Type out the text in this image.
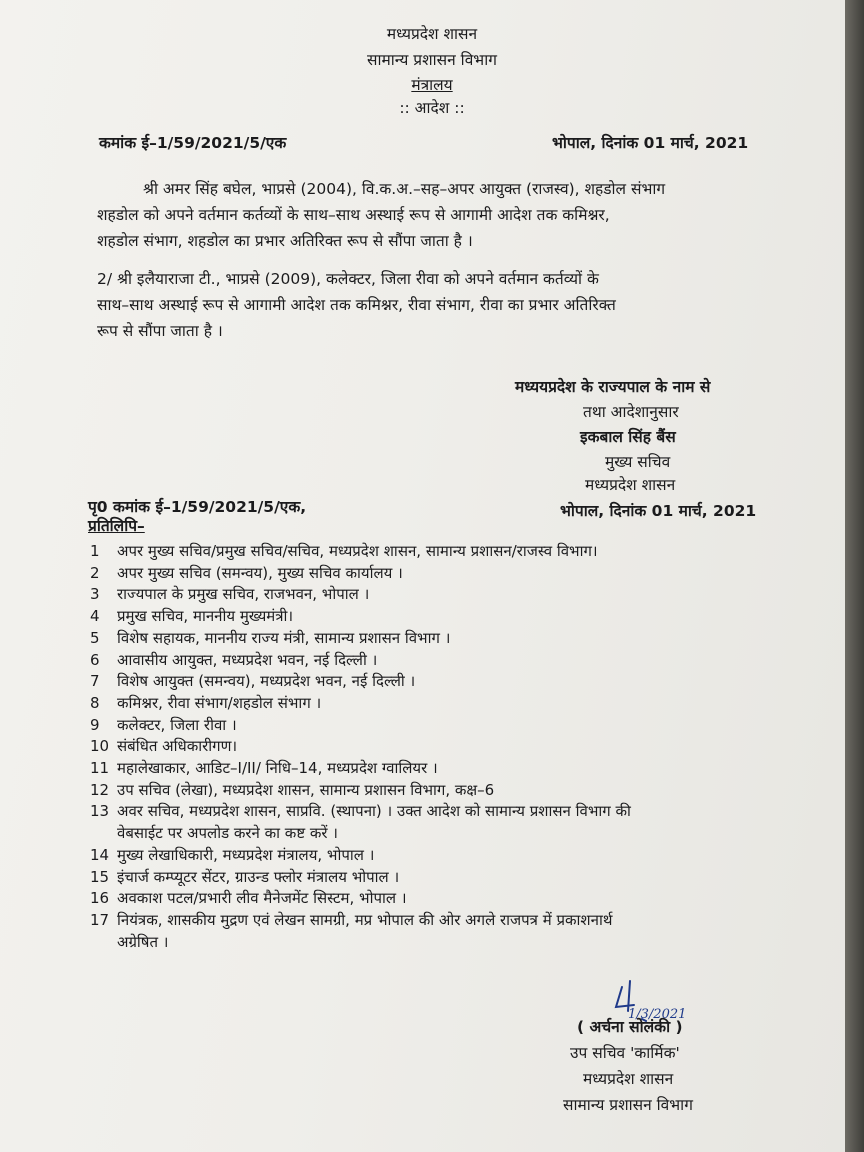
मध्यप्रदेश शासन
सामान्य प्रशासन विभाग
मंत्रालय
:: आदेश ::
कमांक ई–1/59/2021/5/एक	भोपाल, दिनांक 01 मार्च, 2021
श्री अमर सिंह बघेल, भाप्रसे (2004), वि.क.अ.–सह–अपर आयुक्त (राजस्व), शहडोल संभाग
शहडोल को अपने वर्तमान कर्तव्यों के साथ–साथ अस्थाई रूप से आगामी आदेश तक कमिश्नर,
शहडोल संभाग, शहडोल का प्रभार अतिरिक्त रूप से सौंपा जाता है ।
2/ श्री इलैयाराजा टी., भाप्रसे (2009), कलेक्टर, जिला रीवा को अपने वर्तमान कर्तव्यों के
साथ–साथ अस्थाई रूप से आगामी आदेश तक कमिश्नर, रीवा संभाग, रीवा का प्रभार अतिरिक्त
रूप से सौंपा जाता है ।
मध्ययप्रदेश के राज्यपाल के नाम से
तथा आदेशानुसार
इकबाल सिंह बैंस
मुख्य सचिव
मध्यप्रदेश शासन
पृ0 कमांक ई–1/59/2021/5/एक,	भोपाल, दिनांक 01 मार्च, 2021
प्रतिलिपि–
1 अपर मुख्य सचिव/प्रमुख सचिव/सचिव, मध्यप्रदेश शासन, सामान्य प्रशासन/राजस्व विभाग।
2 अपर मुख्य सचिव (समन्वय), मुख्य सचिव कार्यालय ।
3 राज्यपाल के प्रमुख सचिव, राजभवन, भोपाल ।
4 प्रमुख सचिव, माननीय मुख्यमंत्री।
5 विशेष सहायक, माननीय राज्य मंत्री, सामान्य प्रशासन विभाग ।
6 आवासीय आयुक्त, मध्यप्रदेश भवन, नई दिल्ली ।
7 विशेष आयुक्त (समन्वय), मध्यप्रदेश भवन, नई दिल्ली ।
8 कमिश्नर, रीवा संभाग/शहडोल संभाग ।
9 कलेक्टर, जिला रीवा ।
10 संबंधित अधिकारीगण।
11 महालेखाकार, आडिट–I/II/ निधि–14, मध्यप्रदेश ग्वालियर ।
12 उप सचिव (लेखा), मध्यप्रदेश शासन, सामान्य प्रशासन विभाग, कक्ष–6
13 अवर सचिव, मध्यप्रदेश शासन, साप्रवि. (स्थापना) । उक्त आदेश को सामान्य प्रशासन विभाग की
वेबसाईट पर अपलोड करने का कष्ट करें ।
14 मुख्य लेखाधिकारी, मध्यप्रदेश मंत्रालय, भोपाल ।
15 इंचार्ज कम्प्यूटर सेंटर, ग्राउन्ड फ्लोर मंत्रालय भोपाल ।
16 अवकाश पटल/प्रभारी लीव मैनेजमेंट सिस्टम, भोपाल ।
17 नियंत्रक, शासकीय मुद्रण एवं लेखन सामग्री, मप्र भोपाल की ओर अगले राजपत्र में प्रकाशनार्थ
अग्रेषित ।
1/3/2021
( अर्चना सोलंकी )
उप सचिव 'कार्मिक'
मध्यप्रदेश शासन
सामान्य प्रशासन विभाग
